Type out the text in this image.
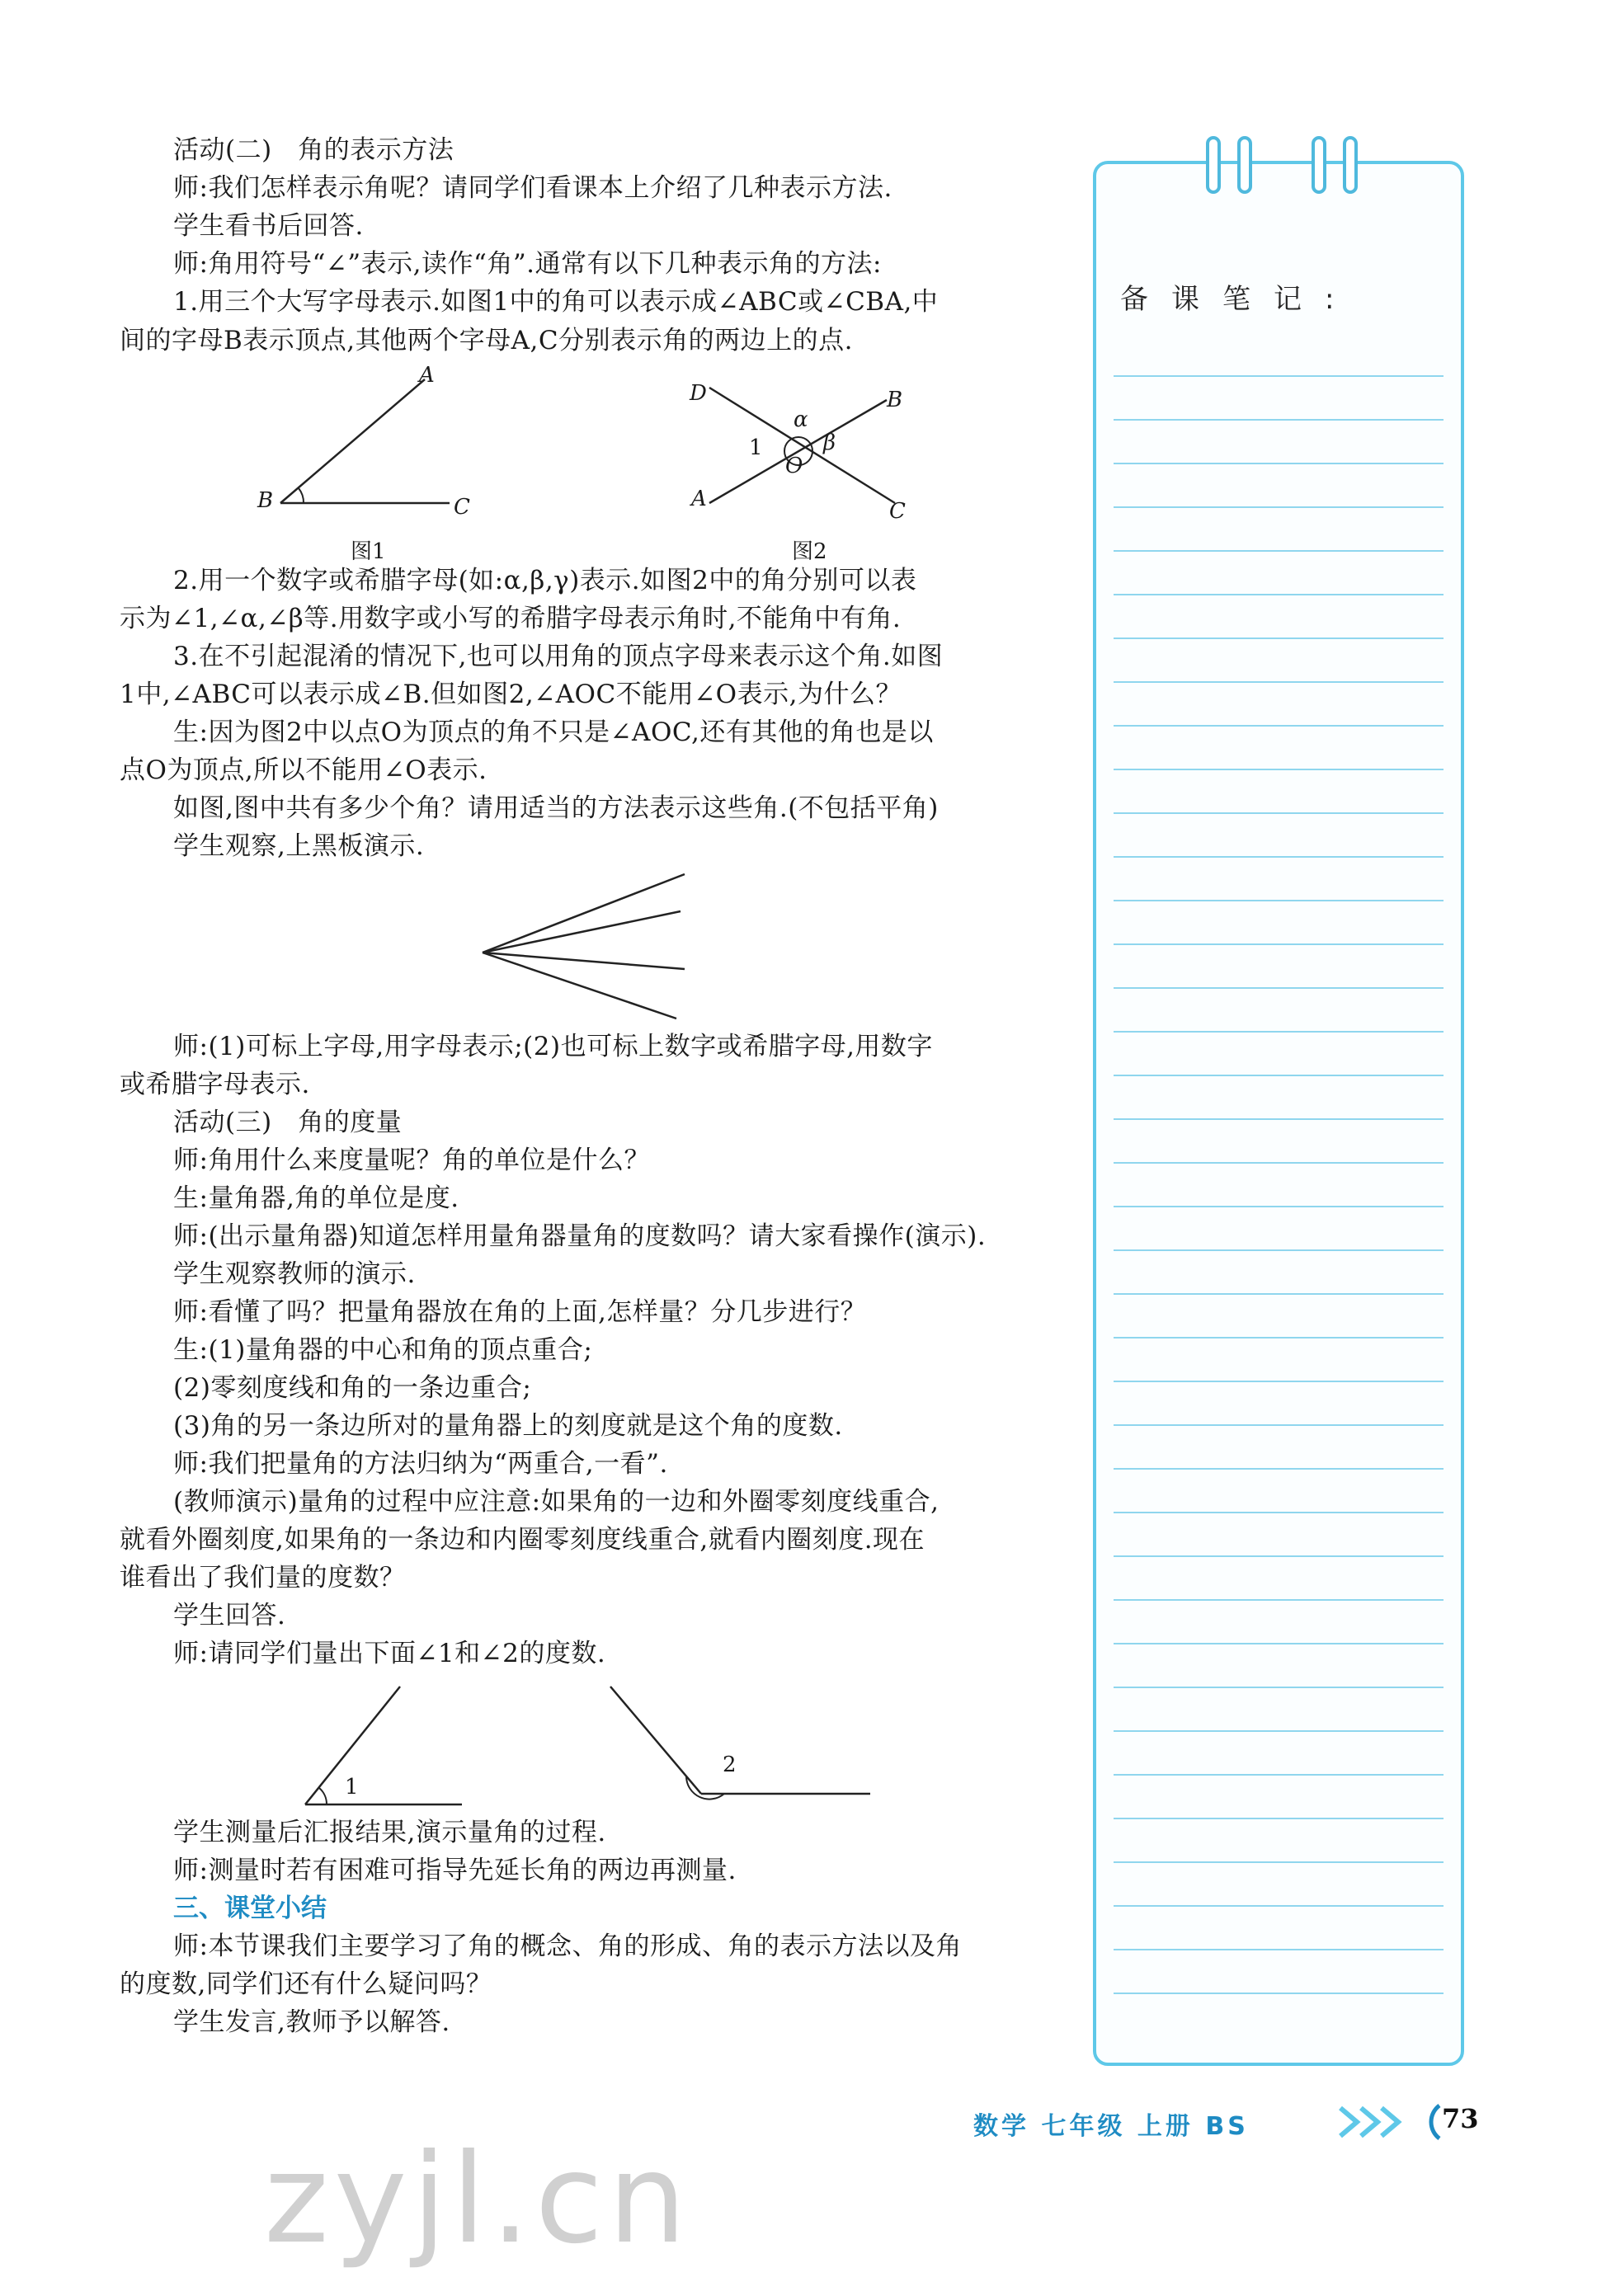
活动(二)　角的表示方法
师:我们怎样表示角呢？请同学们看课本上介绍了几种表示方法.
学生看书后回答.
师:角用符号“∠”表示,读作“角”.通常有以下几种表示角的方法:
1.用三个大写字母表示.如图1中的角可以表示成∠ABC或∠CBA,中
间的字母B表示顶点,其他两个字母A,C分别表示角的两边上的点.
A
B	C
图1
D	B
α
1	β
O
A	C
图2
2.用一个数字或希腊字母(如:α,β,γ)表示.如图2中的角分别可以表
示为∠1,∠α,∠β等.用数字或小写的希腊字母表示角时,不能角中有角.
3.在不引起混淆的情况下,也可以用角的顶点字母来表示这个角.如图
1中,∠ABC可以表示成∠B.但如图2,∠AOC不能用∠O表示,为什么？
生:因为图2中以点O为顶点的角不只是∠AOC,还有其他的角也是以
点O为顶点,所以不能用∠O表示.
如图,图中共有多少个角？请用适当的方法表示这些角.(不包括平角)
学生观察,上黑板演示.
师:(1)可标上字母,用字母表示;(2)也可标上数字或希腊字母,用数字
或希腊字母表示.
活动(三)　角的度量
师:角用什么来度量呢？角的单位是什么？
生:量角器,角的单位是度.
师:(出示量角器)知道怎样用量角器量角的度数吗？请大家看操作(演示).
学生观察教师的演示.
师:看懂了吗？把量角器放在角的上面,怎样量？分几步进行？
生:(1)量角器的中心和角的顶点重合;
(2)零刻度线和角的一条边重合;
(3)角的另一条边所对的量角器上的刻度就是这个角的度数.
师:我们把量角的方法归纳为“两重合,一看”.
(教师演示)量角的过程中应注意:如果角的一边和外圈零刻度线重合,
就看外圈刻度,如果角的一条边和内圈零刻度线重合,就看内圈刻度.现在
谁看出了我们量的度数？
学生回答.
师:请同学们量出下面∠1和∠2的度数.
1
2
学生测量后汇报结果,演示量角的过程.
师:测量时若有困难可指导先延长角的两边再测量.
三、课堂小结
师:本节课我们主要学习了角的概念、角的形成、角的表示方法以及角
的度数,同学们还有什么疑问吗？
学生发言,教师予以解答.
备课笔记:
数学 七年级 上册 BS	73
zyjl.cn
